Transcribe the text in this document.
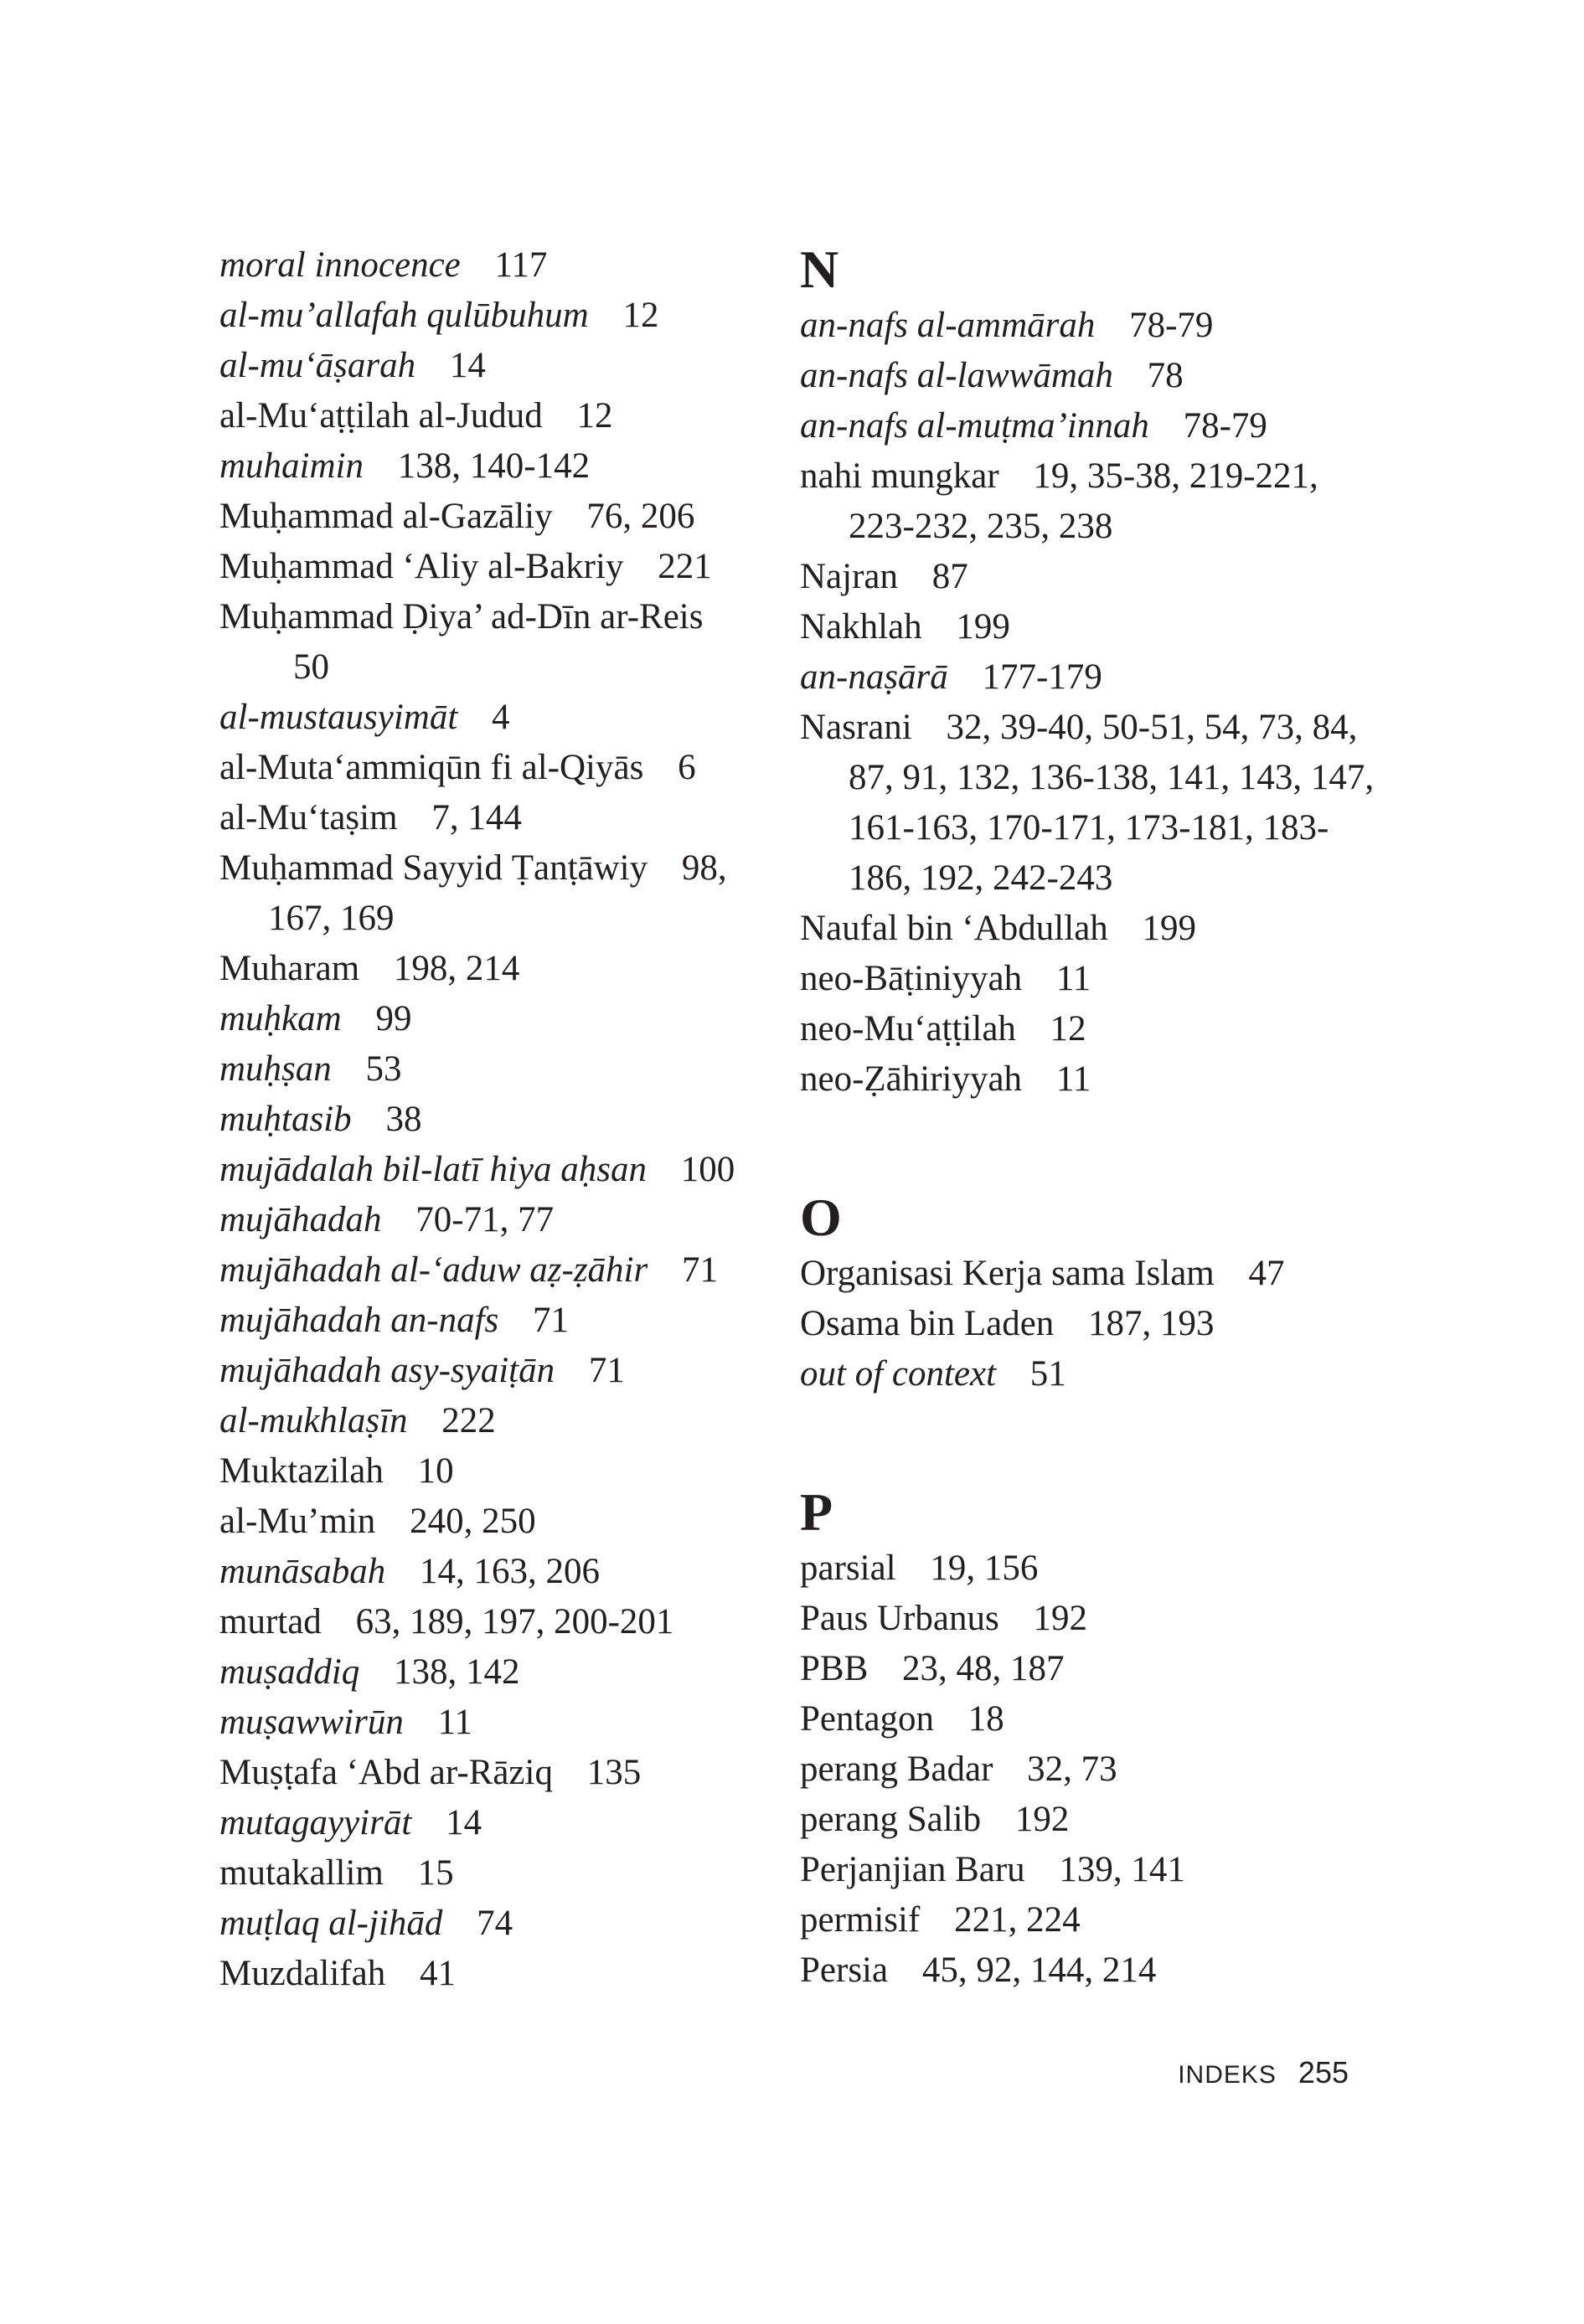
moral innocence 117
al-mu’allafah qulūbuhum 12
al-mu‘āṣarah 14
al-Mu‘aṭṭilah al-Judud 12
muhaimin 138, 140-142
Muḥammad al-Gazāliy 76, 206
Muḥammad ‘Aliy al-Bakriy 221
Muḥammad Ḍiya’ ad-Dīn ar-Reis 50
al-mustausyimāt 4
al-Muta‘ammiqūn fi al-Qiyās 6
al-Mu‘taṣim 7, 144
Muḥammad Sayyid Ṭanṭāwiy 98, 167, 169
Muharam 198, 214
muḥkam 99
muḥṣan 53
muḥtasib 38
mujādalah bil-latī hiya aḥsan 100
mujāhadah 70-71, 77
mujāhadah al-‘aduw aẓ-ẓāhir 71
mujāhadah an-nafs 71
mujāhadah asy-syaiṭān 71
al-mukhlaṣīn 222
Muktazilah 10
al-Mu’min 240, 250
munāsabah 14, 163, 206
murtad 63, 189, 197, 200-201
muṣaddiq 138, 142
muṣawwirūn 11
Muṣṭafa ‘Abd ar-Rāziq 135
mutagayyirāt 14
mutakallim 15
muṭlaq al-jihād 74
Muzdalifah 41
N
an-nafs al-ammārah 78-79
an-nafs al-lawwāmah 78
an-nafs al-muṭma’innah 78-79
nahi mungkar 19, 35-38, 219-221, 223-232, 235, 238
Najran 87
Nakhlah 199
an-naṣārā 177-179
Nasrani 32, 39-40, 50-51, 54, 73, 84, 87, 91, 132, 136-138, 141, 143, 147, 161-163, 170-171, 173-181, 183-186, 192, 242-243
Naufal bin ‘Abdullah 199
neo-Bāṭiniyyah 11
neo-Mu‘aṭṭilah 12
neo-Ẓāhiriyyah 11
O
Organisasi Kerja sama Islam 47
Osama bin Laden 187, 193
out of context 51
P
parsial 19, 156
Paus Urbanus 192
PBB 23, 48, 187
Pentagon 18
perang Badar 32, 73
perang Salib 192
Perjanjian Baru 139, 141
permisif 221, 224
Persia 45, 92, 144, 214
INDEKS 255
